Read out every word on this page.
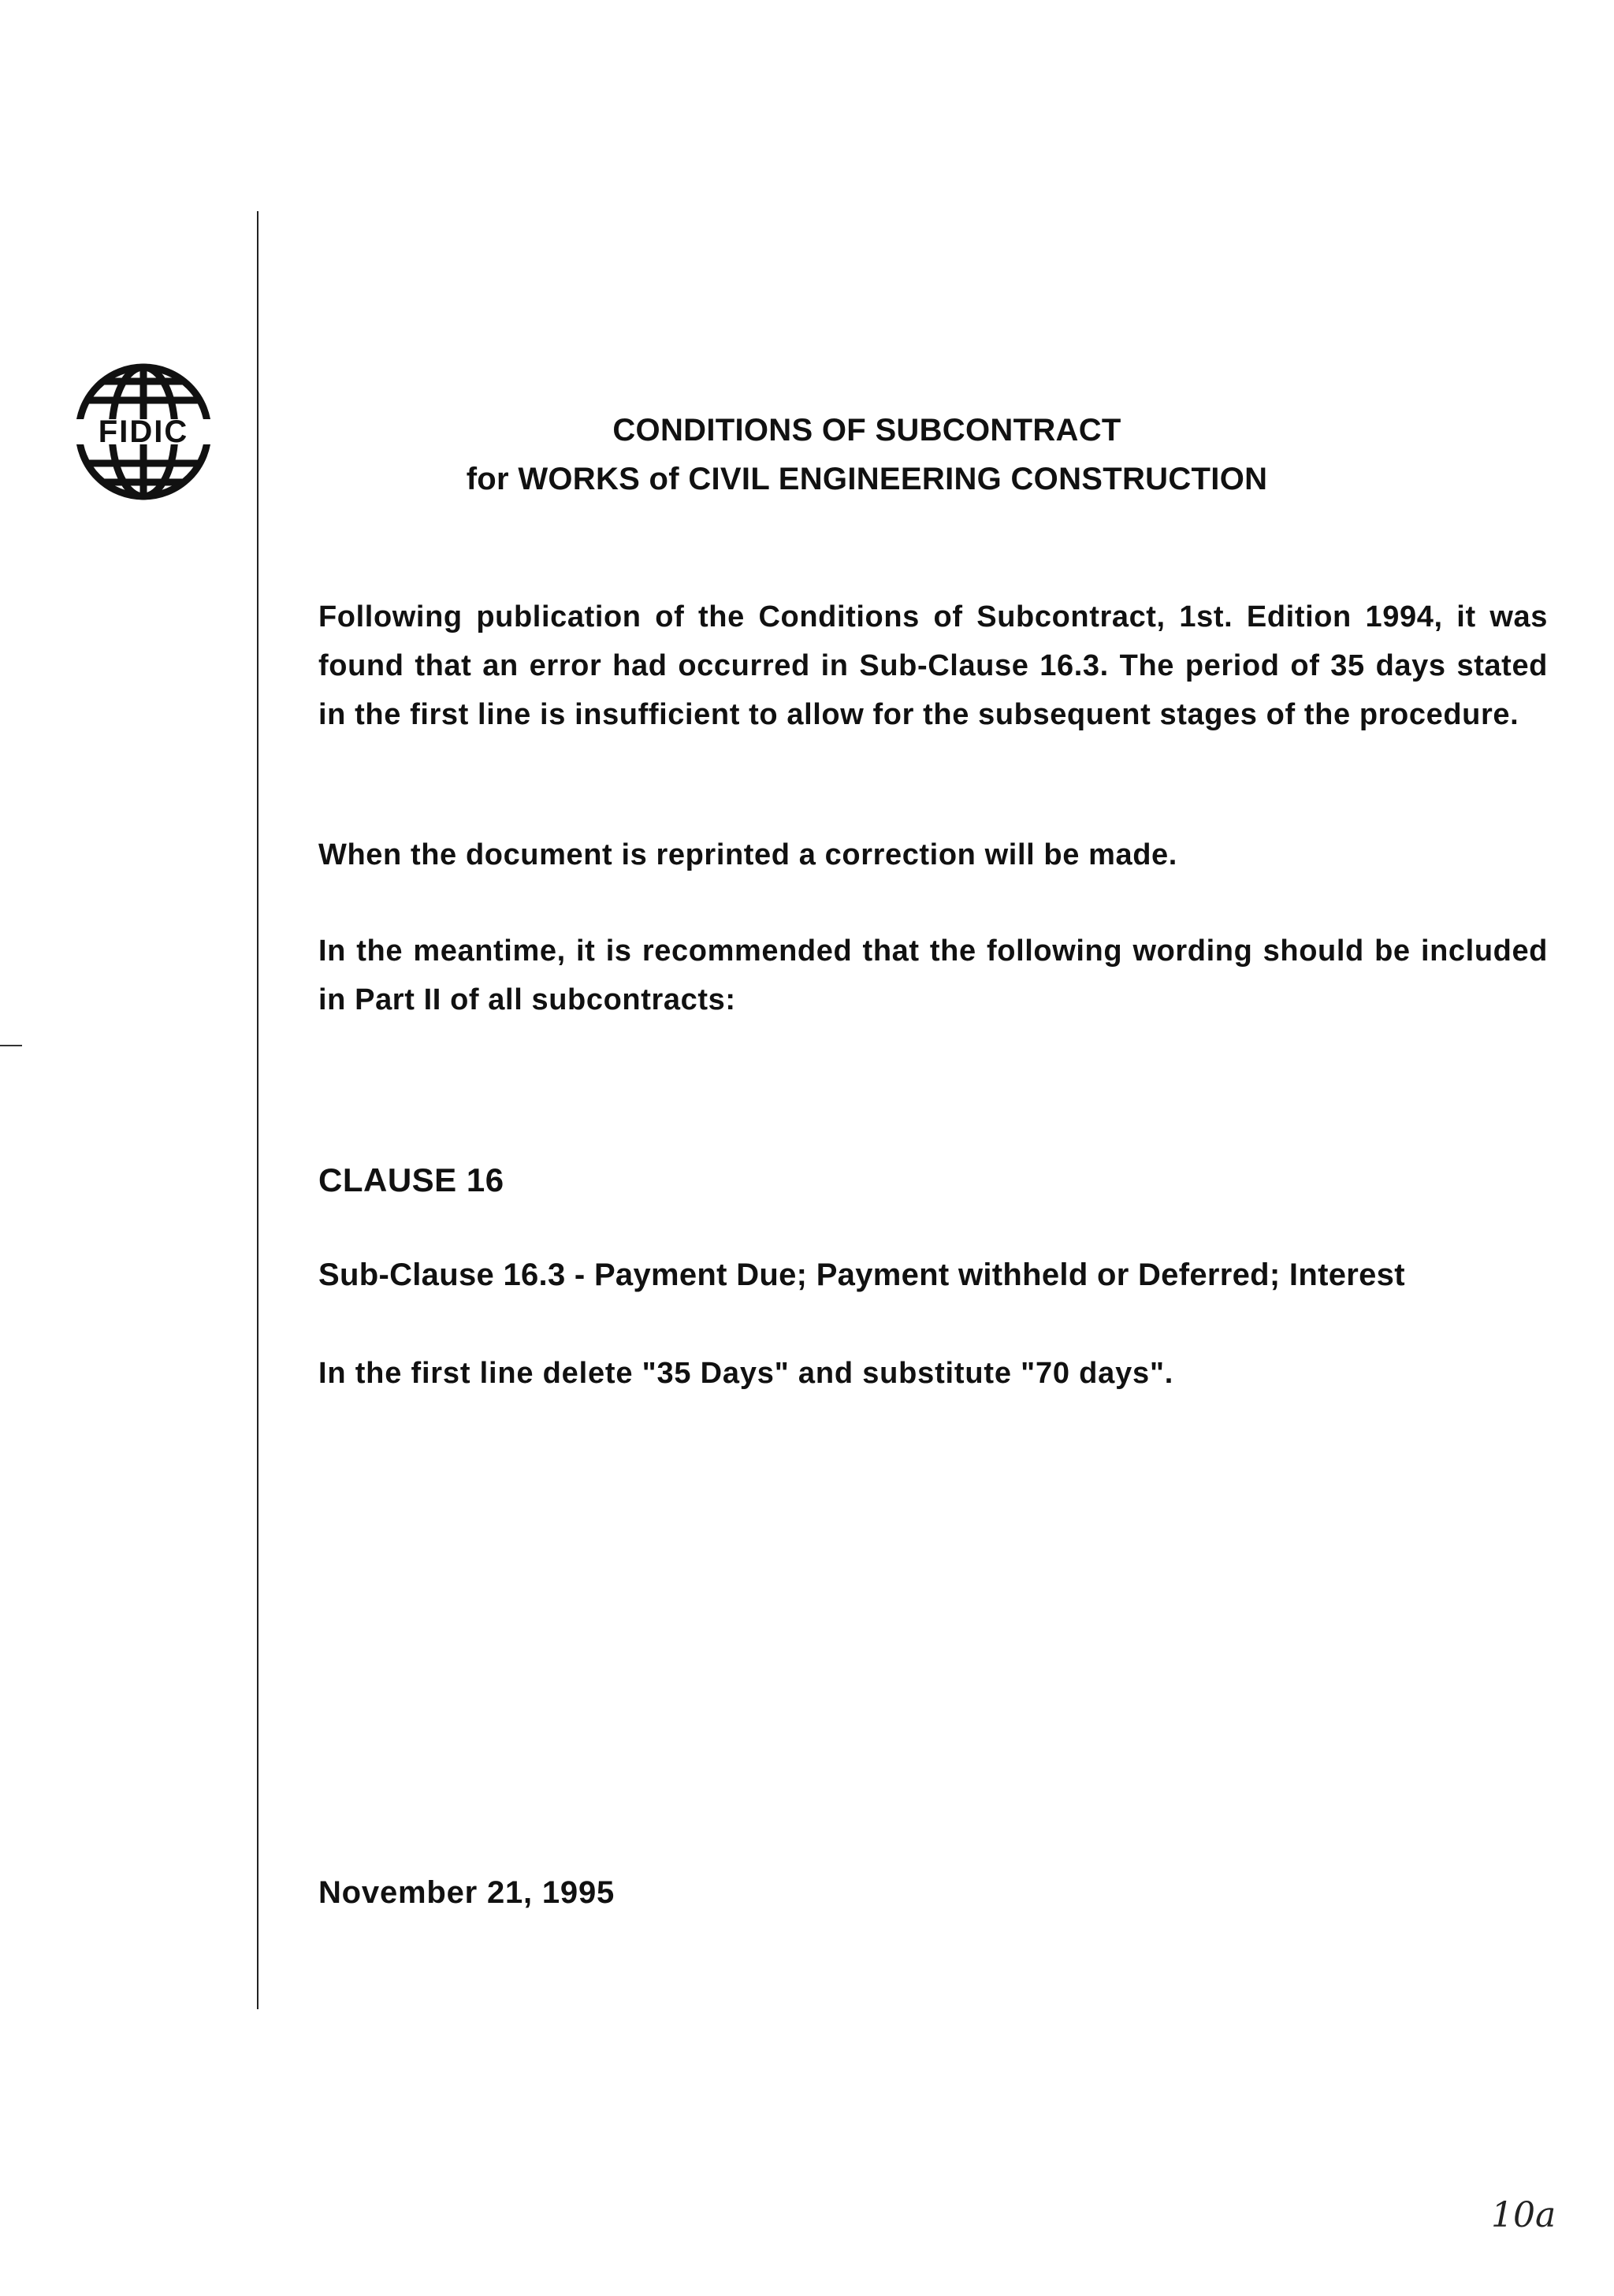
FIDIC	CONDITIONS OF SUBCONTRACT
for WORKS of CIVIL ENGINEERING CONSTRUCTION
Following publication of the Conditions of Subcontract, 1st. Edition 1994, it was found that an error had occurred in Sub-Clause 16.3. The period of 35 days stated in the first line is insufficient to allow for the subsequent stages of the procedure.
When the document is reprinted a correction will be made.
In the meantime, it is recommended that the following wording should be included in Part II of all subcontracts:
CLAUSE 16
Sub-Clause 16.3 - Payment Due; Payment withheld or Deferred; Interest
In the first line delete "35 Days" and substitute "70 days".
November 21, 1995
10a
